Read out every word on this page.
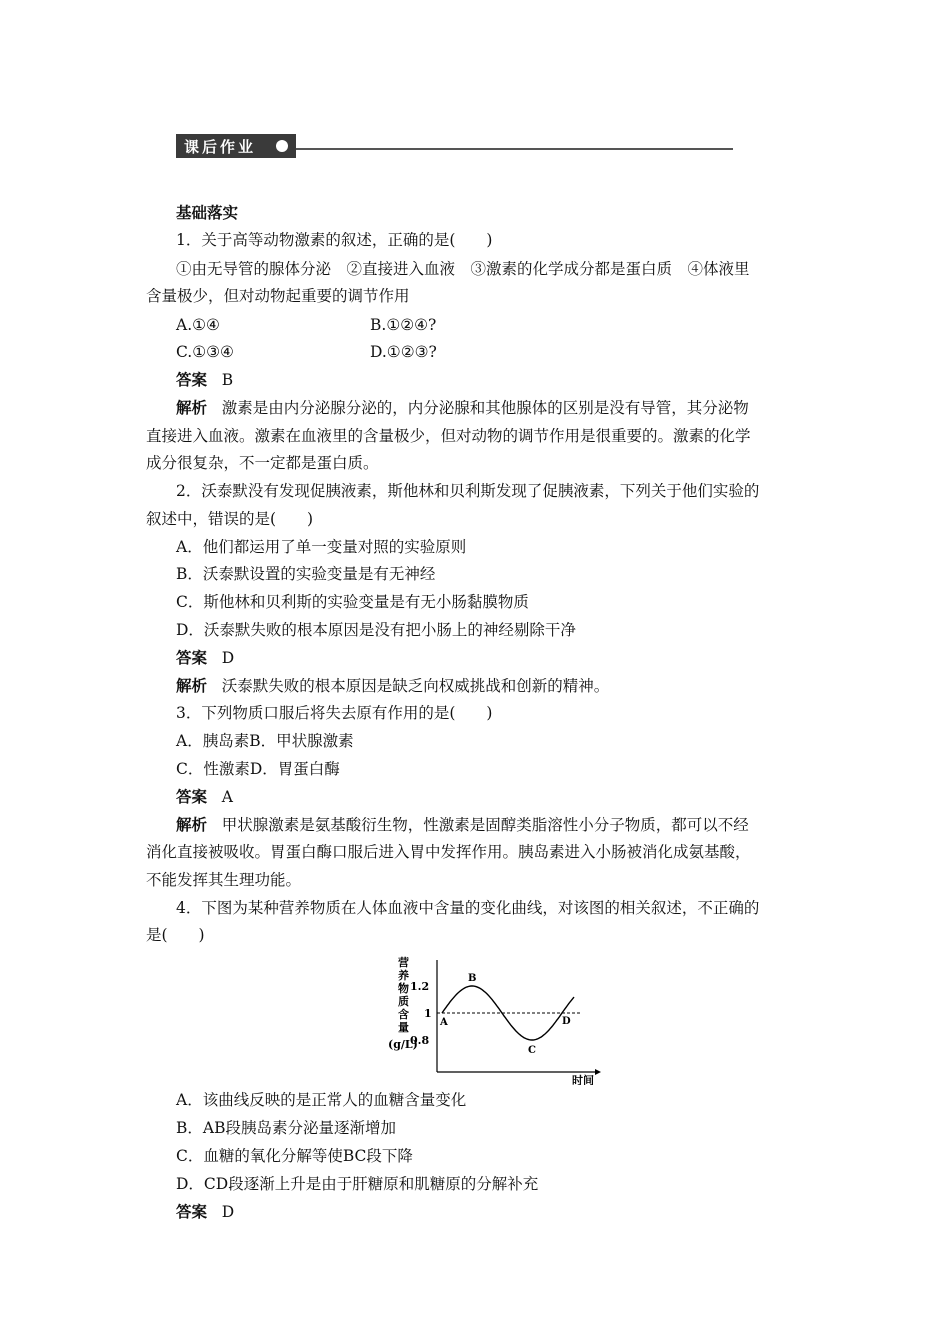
课后作业
基础落实
1．关于高等动物激素的叙述，正确的是(　　)
①由无导管的腺体分泌　②直接进入血液　③激素的化学成分都是蛋白质　④体液里
含量极少，但对动物起重要的调节作用
A.①④	B.①②④?
C.①③④	D.①②③?
答案 B
解析 激素是由内分泌腺分泌的，内分泌腺和其他腺体的区别是没有导管，其分泌物
直接进入血液。激素在血液里的含量极少，但对动物的调节作用是很重要的。激素的化学
成分很复杂，不一定都是蛋白质。
2．沃泰默没有发现促胰液素，斯他林和贝利斯发现了促胰液素，下列关于他们实验的
叙述中，错误的是(　　)
A．他们都运用了单一变量对照的实验原则
B．沃泰默设置的实验变量是有无神经
C．斯他林和贝利斯的实验变量是有无小肠黏膜物质
D．沃泰默失败的根本原因是没有把小肠上的神经剔除干净
答案 D
解析 沃泰默失败的根本原因是缺乏向权威挑战和创新的精神。
3．下列物质口服后将失去原有作用的是(　　)
A．胰岛素B．甲状腺激素
C．性激素D．胃蛋白酶
答案 A
解析 甲状腺激素是氨基酸衍生物，性激素是固醇类脂溶性小分子物质，都可以不经
消化直接被吸收。胃蛋白酶口服后进入胃中发挥作用。胰岛素进入小肠被消化成氨基酸，
不能发挥其生理功能。
4．下图为某种营养物质在人体血液中含量的变化曲线，对该图的相关叙述，不正确的
是(　　)
营
养
物
质
含
量
(g/L)
时间
1.2
1
0.8
A
B
C
D
A．该曲线反映的是正常人的血糖含量变化
B．AB段胰岛素分泌量逐渐增加
C．血糖的氧化分解等使BC段下降
D．CD段逐渐上升是由于肝糖原和肌糖原的分解补充
答案 D
